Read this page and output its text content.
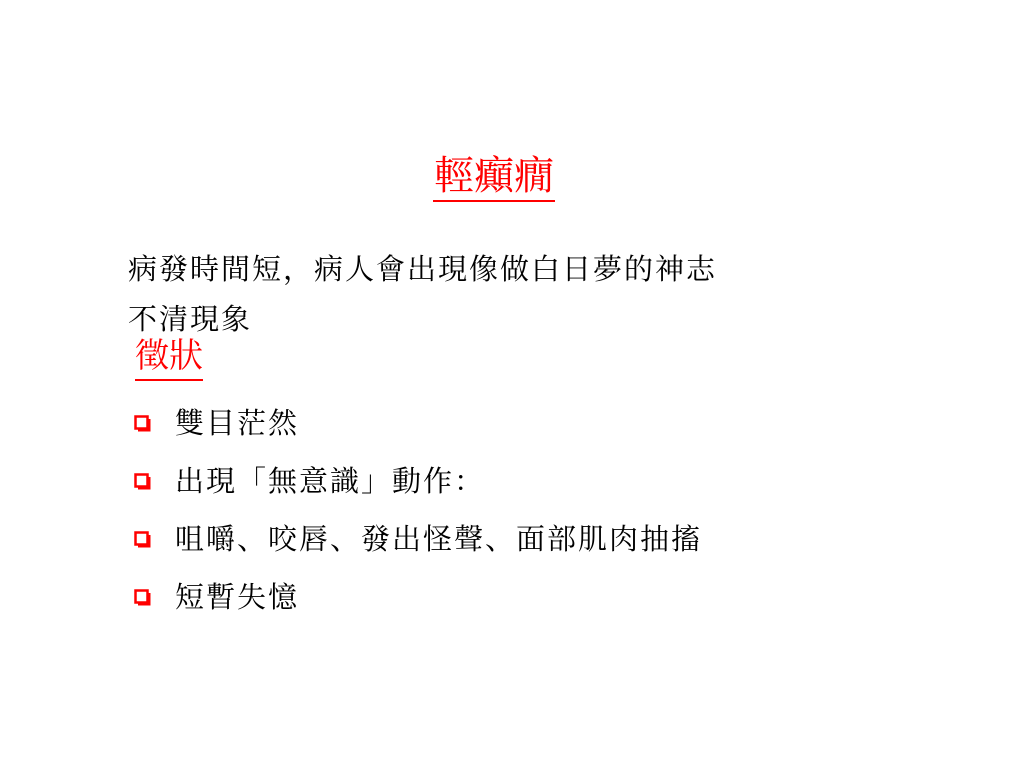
輕癲癇
病發時間短，病人會出現像做白日夢的神志
不清現象
徵狀
雙目茫然
出現「無意識」動作：
咀嚼、咬唇、發出怪聲、面部肌肉抽搐
短暫失憶
